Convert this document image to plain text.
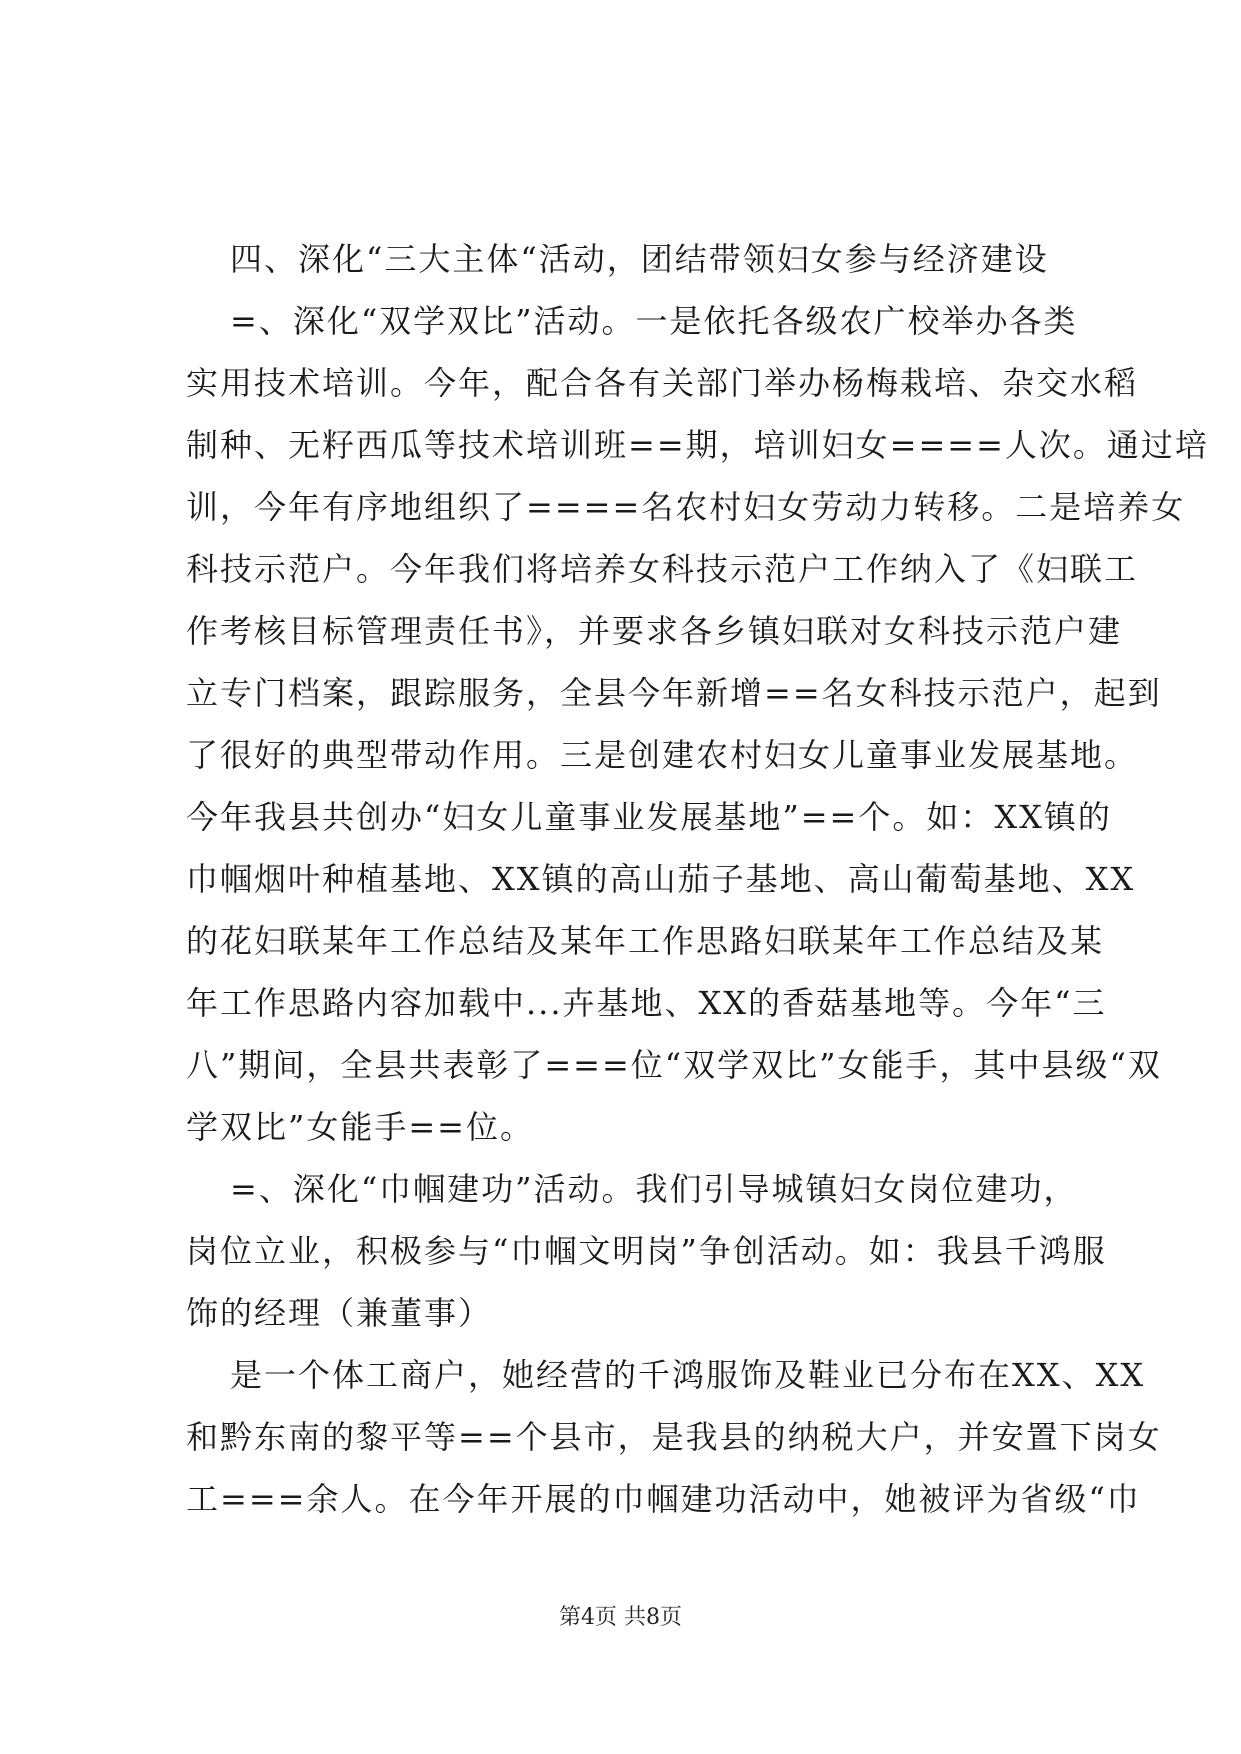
四、深化“三大主体“活动，团结带领妇女参与经济建设
=、深化“双学双比”活动。一是依托各级农广校举办各类
实用技术培训。今年，配合各有关部门举办杨梅栽培、杂交水稻
制种、无籽西瓜等技术培训班==期，培训妇女====人次。通过培
训，今年有序地组织了====名农村妇女劳动力转移。二是培养女
科技示范户。今年我们将培养女科技示范户工作纳入了《妇联工
作考核目标管理责任书》，并要求各乡镇妇联对女科技示范户建
立专门档案，跟踪服务，全县今年新增==名女科技示范户，起到
了很好的典型带动作用。三是创建农村妇女儿童事业发展基地。
今年我县共创办“妇女儿童事业发展基地”==个。如：XX镇的
巾帼烟叶种植基地、XX镇的高山茄子基地、高山葡萄基地、XX
的花妇联某年工作总结及某年工作思路妇联某年工作总结及某
年工作思路内容加载中...卉基地、XX的香菇基地等。今年“三
八”期间，全县共表彰了===位“双学双比”女能手，其中县级“双
学双比”女能手==位。
=、深化“巾帼建功”活动。我们引导城镇妇女岗位建功，
岗位立业，积极参与“巾帼文明岗”争创活动。如：我县千鸿服
饰的经理（兼董事）
是一个体工商户，她经营的千鸿服饰及鞋业已分布在XX、XX
和黔东南的黎平等==个县市，是我县的纳税大户，并安置下岗女
工===余人。在今年开展的巾帼建功活动中，她被评为省级“巾
第4页 共8页
